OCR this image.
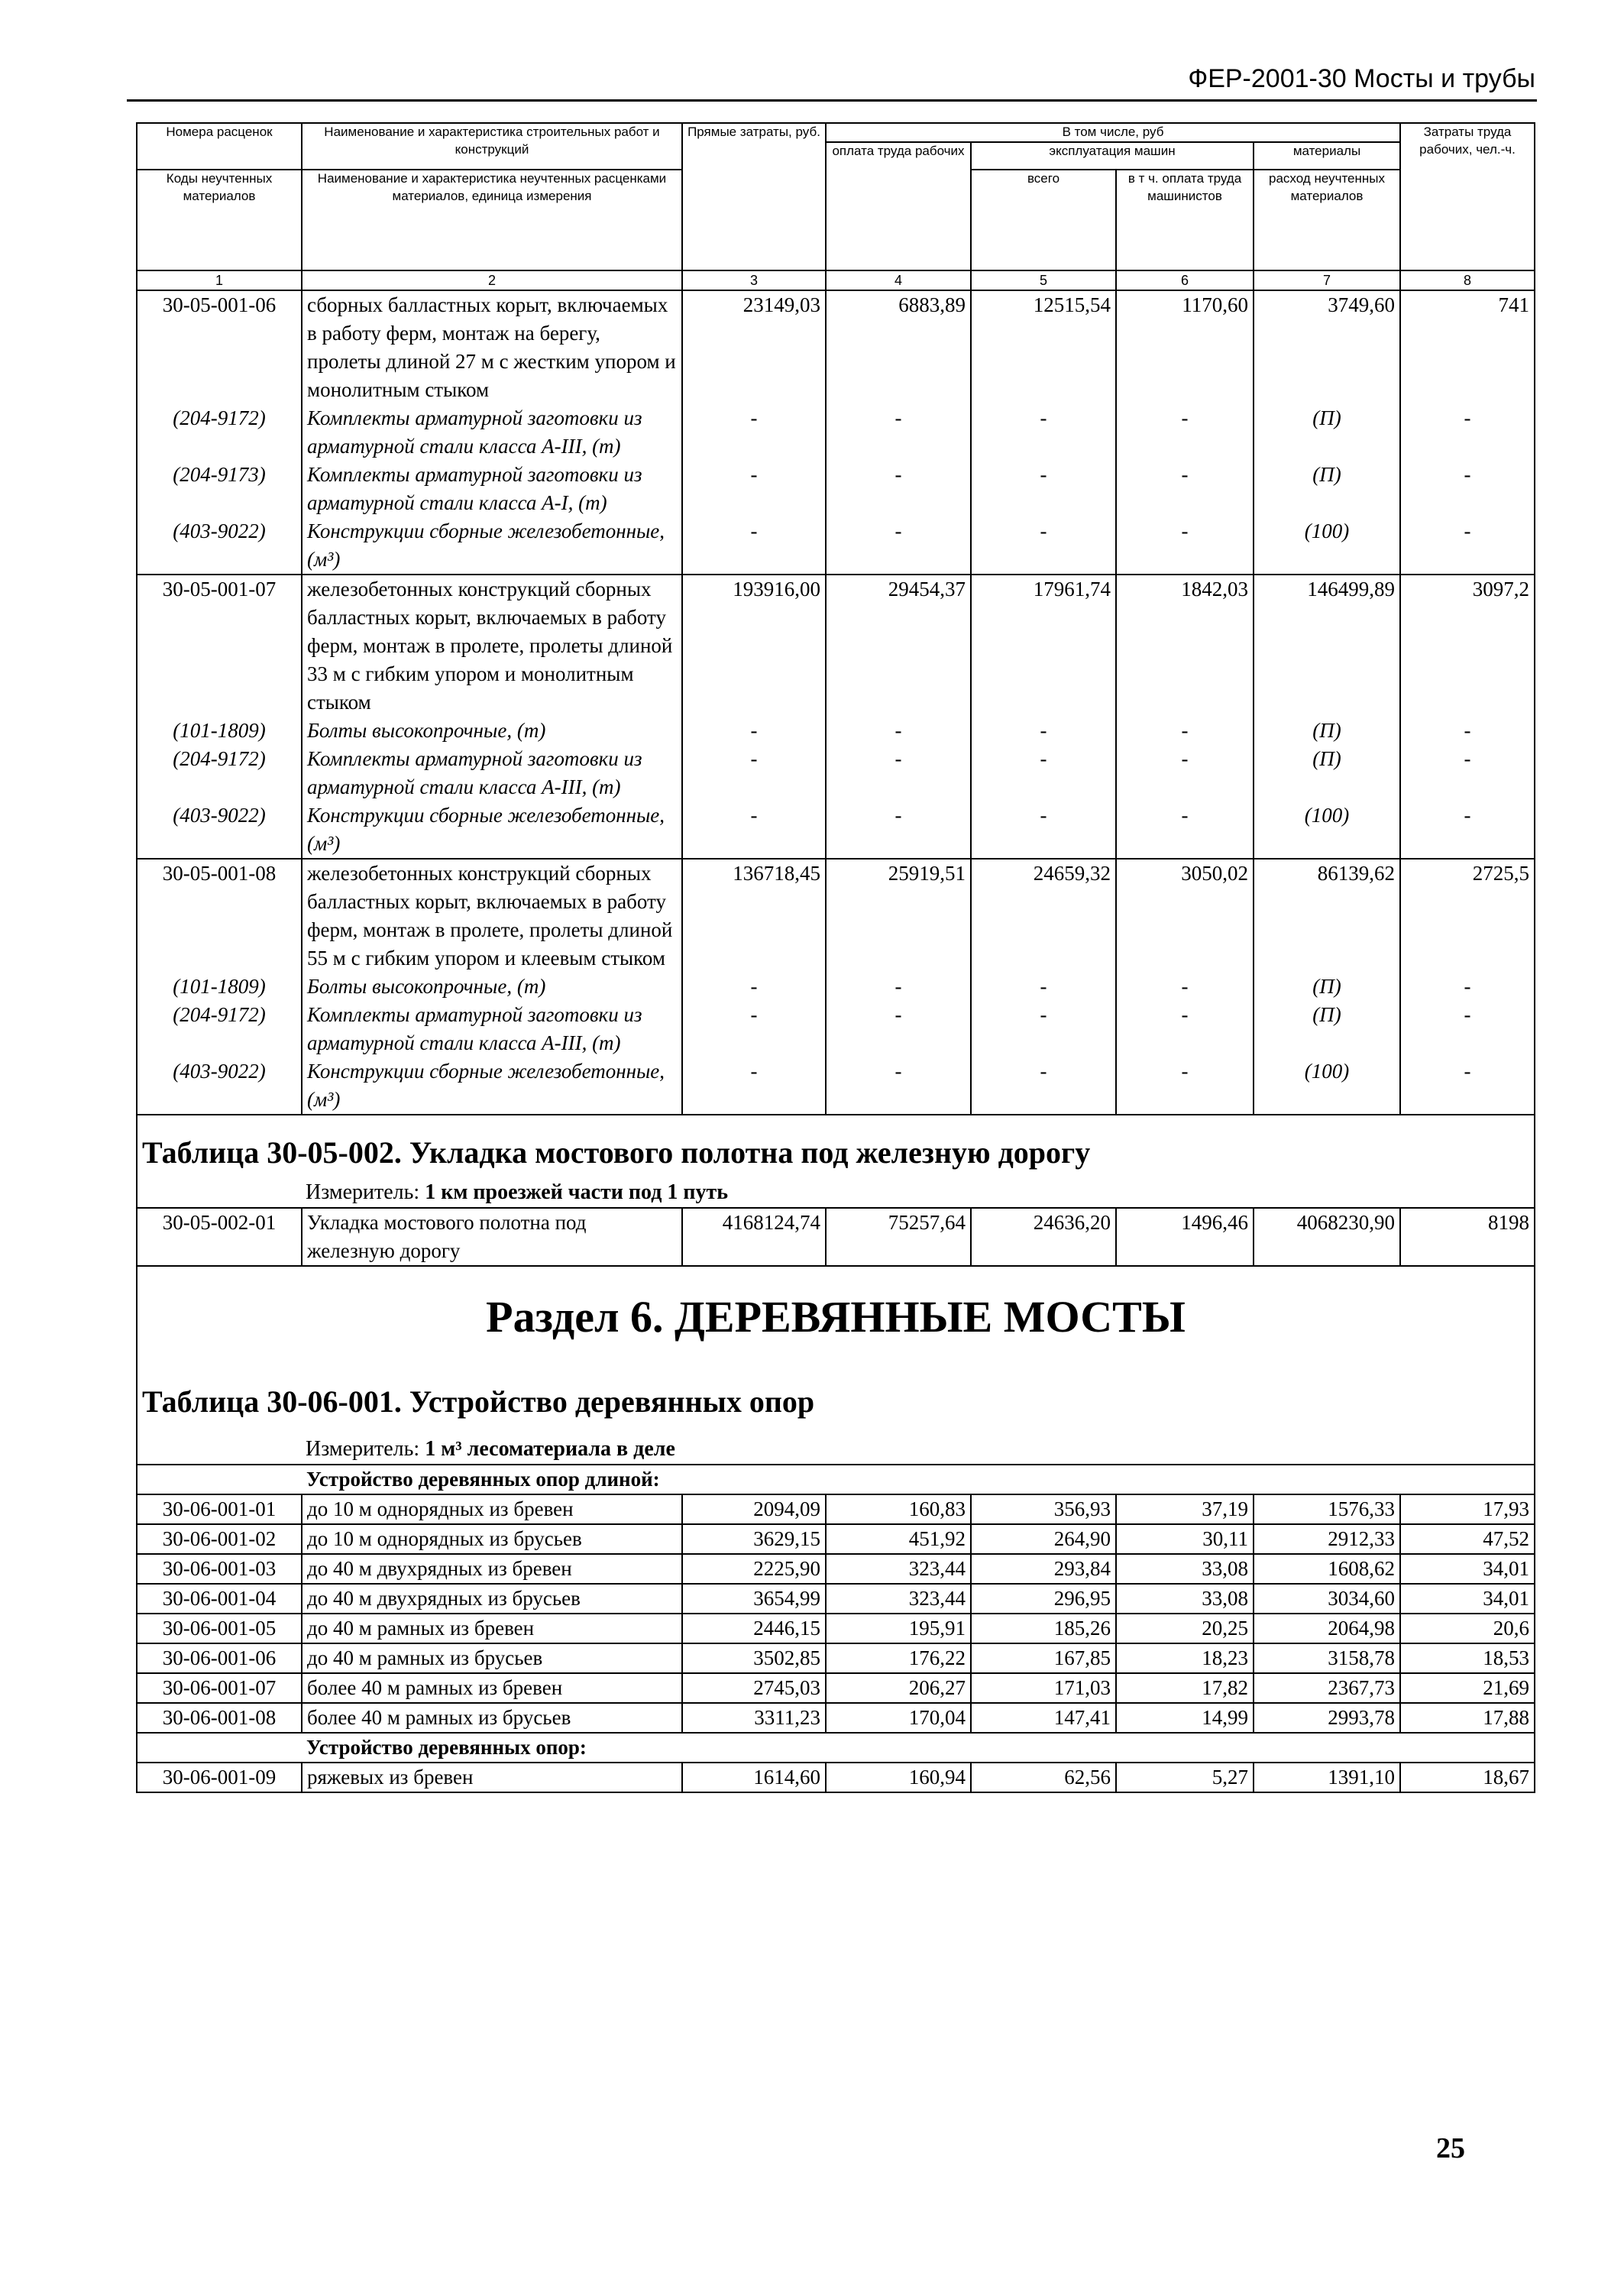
ФЕР-2001-30 Мосты и трубы
Номера расценок	Наименование и характеристика строительных работ и конструкций	Прямые затраты, руб.	В том числе, руб				Затраты труда рабочих, чел.-ч.
			оплата труда рабочих	эксплуатация машин		материалы	
Коды неучтенных материалов	Наименование и характеристика неучтенных расценками материалов, единица измерения			всего	в т ч. оплата труда машинистов	расход неучтенных материалов	
1	2	3	4	5	6	7	8
30-05-001-06	сборных балластных корыт, включаемых в работу ферм, монтаж на берегу, пролеты длиной 27 м с жестким упором и монолитным стыком	23149,03	6883,89	12515,54	1170,60	3749,60	741
(204-9172)	Комплекты арматурной заготовки из арматурной стали класса А-III, (т)	-	-	-	-	(П)	-
(204-9173)	Комплекты арматурной заготовки из арматурной стали класса А-I, (т)	-	-	-	-	(П)	-
(403-9022)	Конструкции сборные железобетонные, (м³)	-	-	-	-	(100)	-
30-05-001-07	железобетонных конструкций сборных балластных корыт, включаемых в работу ферм, монтаж в пролете, пролеты длиной 33 м с гибким упором и монолитным стыком	193916,00	29454,37	17961,74	1842,03	146499,89	3097,2
(101-1809)	Болты высокопрочные, (т)	-	-	-	-	(П)	-
(204-9172)	Комплекты арматурной заготовки из арматурной стали класса А-III, (т)	-	-	-	-	(П)	-
(403-9022)	Конструкции сборные железобетонные, (м³)	-	-	-	-	(100)	-
30-05-001-08	железобетонных конструкций сборных балластных корыт, включаемых в работу ферм, монтаж в пролете, пролеты длиной 55 м с гибким упором и клеевым стыком	136718,45	25919,51	24659,32	3050,02	86139,62	2725,5
(101-1809)	Болты высокопрочные, (т)	-	-	-	-	(П)	-
(204-9172)	Комплекты арматурной заготовки из арматурной стали класса А-III, (т)	-	-	-	-	(П)	-
(403-9022)	Конструкции сборные железобетонные, (м³)	-	-	-	-	(100)	-

Таблица 30-05-002. Укладка мостового полотна под железную дорогу
Измеритель: 1 км проезжей части под 1 путь							

30-05-002-01	Укладка мостового полотна под железную дорогу	4168124,74	75257,64	24636,20	1496,46	4068230,90	8198

Раздел 6. ДЕРЕВЯННЫЕ МОСТЫ
Таблица 30-06-001. Устройство деревянных опор
Измеритель: 1 м³ лесоматериала в деле							

	Устройство деревянных опор длиной:						
30-06-001-01	до 10 м однорядных из бревен	2094,09	160,83	356,93	37,19	1576,33	17,93
30-06-001-02	до 10 м однорядных из брусьев	3629,15	451,92	264,90	30,11	2912,33	47,52
30-06-001-03	до 40 м двухрядных из бревен	2225,90	323,44	293,84	33,08	1608,62	34,01
30-06-001-04	до 40 м двухрядных из брусьев	3654,99	323,44	296,95	33,08	3034,60	34,01
30-06-001-05	до 40 м рамных из бревен	2446,15	195,91	185,26	20,25	2064,98	20,6
30-06-001-06	до 40 м рамных из брусьев	3502,85	176,22	167,85	18,23	3158,78	18,53
30-06-001-07	более 40 м рамных из бревен	2745,03	206,27	171,03	17,82	2367,73	21,69
30-06-001-08	более 40 м рамных из брусьев	3311,23	170,04	147,41	14,99	2993,78	17,88
	Устройство деревянных опор:						
30-06-001-09	ряжевых из бревен	1614,60	160,94	62,56	5,27	1391,10	18,67
25
